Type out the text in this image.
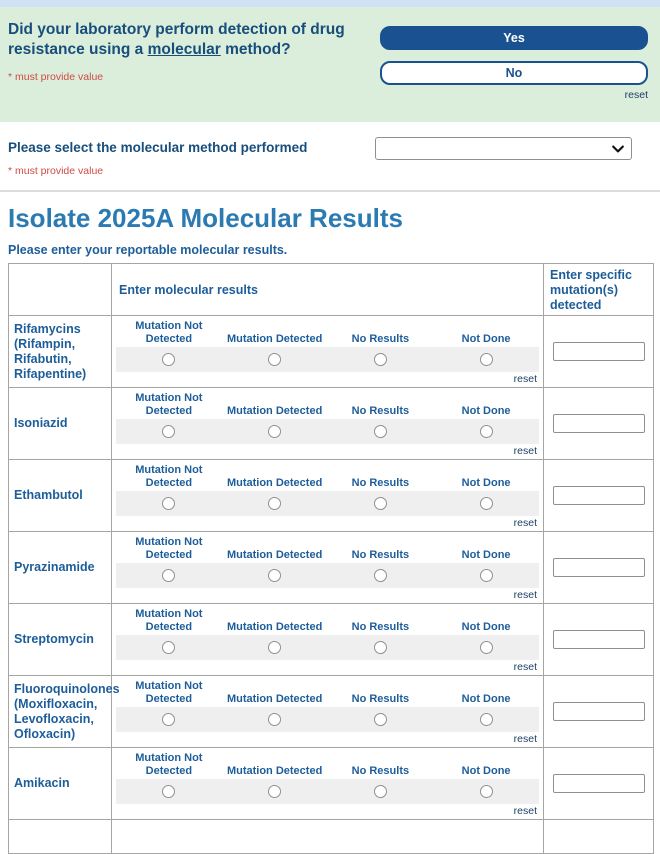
Did your laboratory perform detection of drug resistance using a molecular method?
* must provide value
Yes
No
reset
Please select the molecular method performed
* must provide value
Isolate 2025A Molecular Results
Please enter your reportable molecular results.
	Enter molecular results	Enter specific mutation(s) detected
Rifamycins (Rifampin, Rifabutin, Rifapentine)	Mutation Not Detected Mutation Detected No Results Not Done
reset

Isoniazid	Mutation Not Detected Mutation Detected No Results Not Done
reset

Ethambutol	Mutation Not Detected Mutation Detected No Results Not Done
reset

Pyrazinamide	Mutation Not Detected Mutation Detected No Results Not Done
reset

Streptomycin	Mutation Not Detected Mutation Detected No Results Not Done
reset

Fluoroquinolones (Moxifloxacin, Levofloxacin, Ofloxacin)	Mutation Not Detected Mutation Detected No Results Not Done
reset

Amikacin	Mutation Not Detected Mutation Detected No Results Not Done
reset
